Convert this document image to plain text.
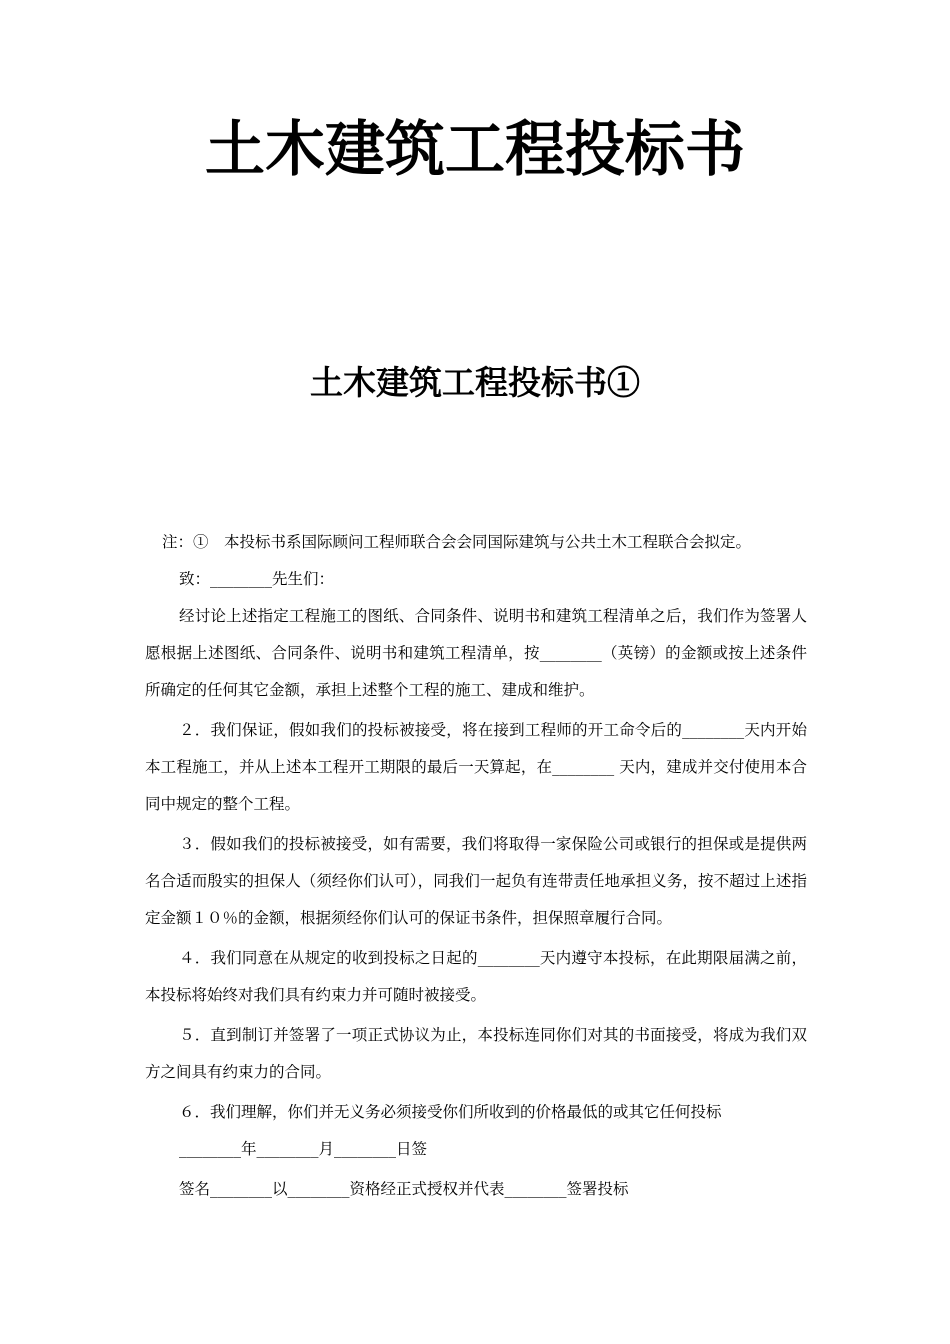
土木建筑工程投标书
土木建筑工程投标书①

注：①　本投标书系国际顾问工程师联合会会同国际建筑与公共土木工程联合会拟定。

致：________先生们：

经讨论上述指定工程施工的图纸、合同条件、说明书和建筑工程清单之后，我们作为签署人愿根据上述图纸、合同条件、说明书和建筑工程清单，按________（英镑）的金额或按上述条件所确定的任何其它金额，承担上述整个工程的施工、建成和维护。

２．我们保证，假如我们的投标被接受，将在接到工程师的开工命令后的________天内开始本工程施工，并从上述本工程开工期限的最后一天算起，在________ 天内，建成并交付使用本合同中规定的整个工程。

３．假如我们的投标被接受，如有需要，我们将取得一家保险公司或银行的担保或是提供两名合适而殷实的担保人（须经你们认可），同我们一起负有连带责任地承担义务，按不超过上述指定金额１０％的金额，根据须经你们认可的保证书条件，担保照章履行合同。

４．我们同意在从规定的收到投标之日起的________天内遵守本投标，在此期限届满之前，本投标将始终对我们具有约束力并可随时被接受。

５．直到制订并签署了一项正式协议为止，本投标连同你们对其的书面接受，将成为我们双方之间具有约束力的合同。

６．我们理解，你们并无义务必须接受你们所收到的价格最低的或其它任何投标

________年________月________日签

签名________以________资格经正式授权并代表________签署投标
